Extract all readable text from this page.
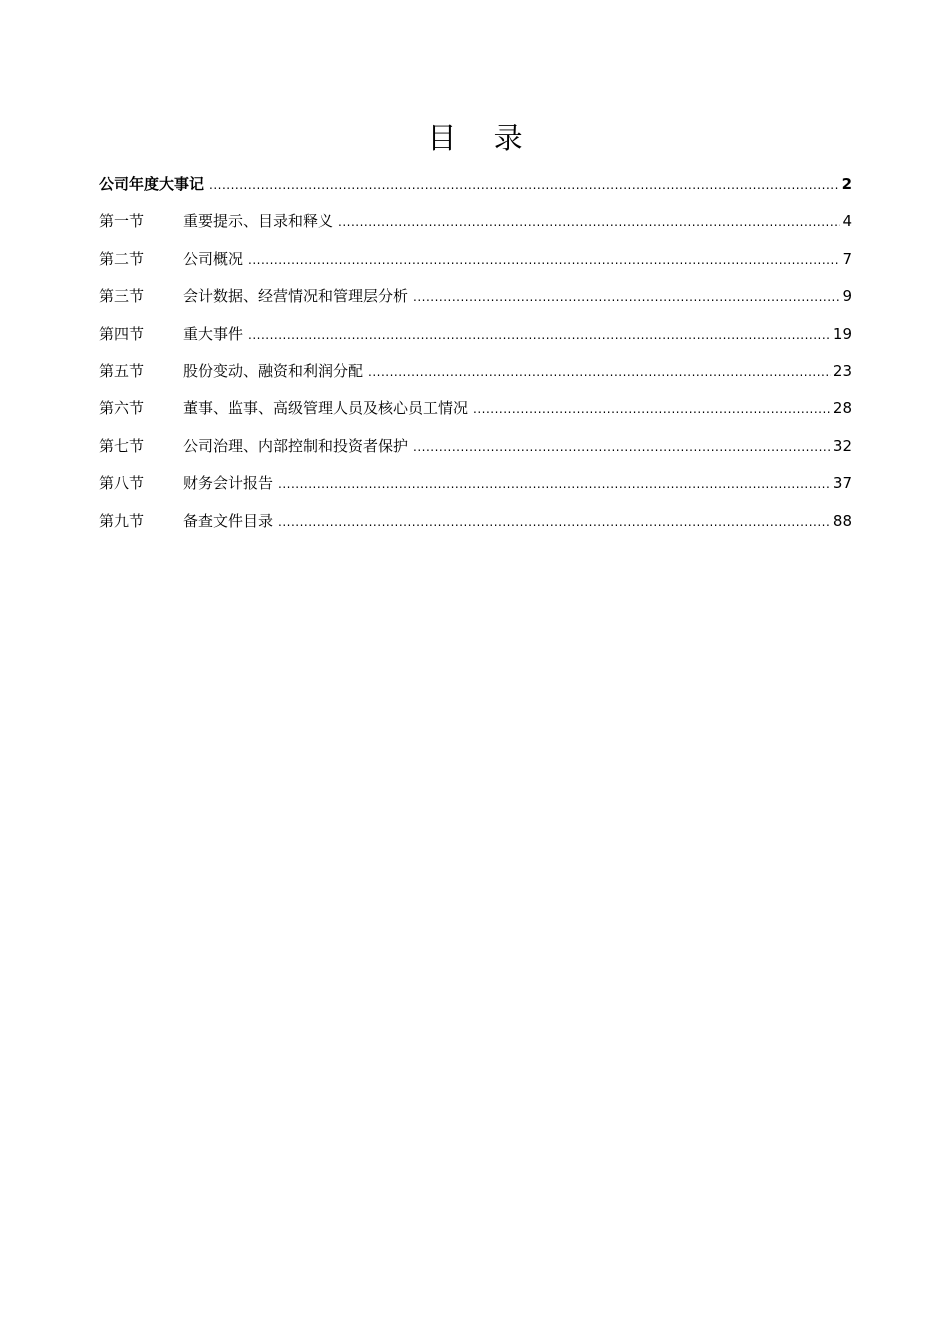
目 录
公司年度大事记 .....	2
第一节	重要提示、目录和释义 .....	4
第二节	公司概况 .....	7
第三节	会计数据、经营情况和管理层分析 .....	9
第四节	重大事件 .....	19
第五节	股份变动、融资和利润分配 .....	23
第六节	董事、监事、高级管理人员及核心员工情况 .....	28
第七节	公司治理、内部控制和投资者保护 .....	32
第八节	财务会计报告 .....	37
第九节	备查文件目录 .....	88
